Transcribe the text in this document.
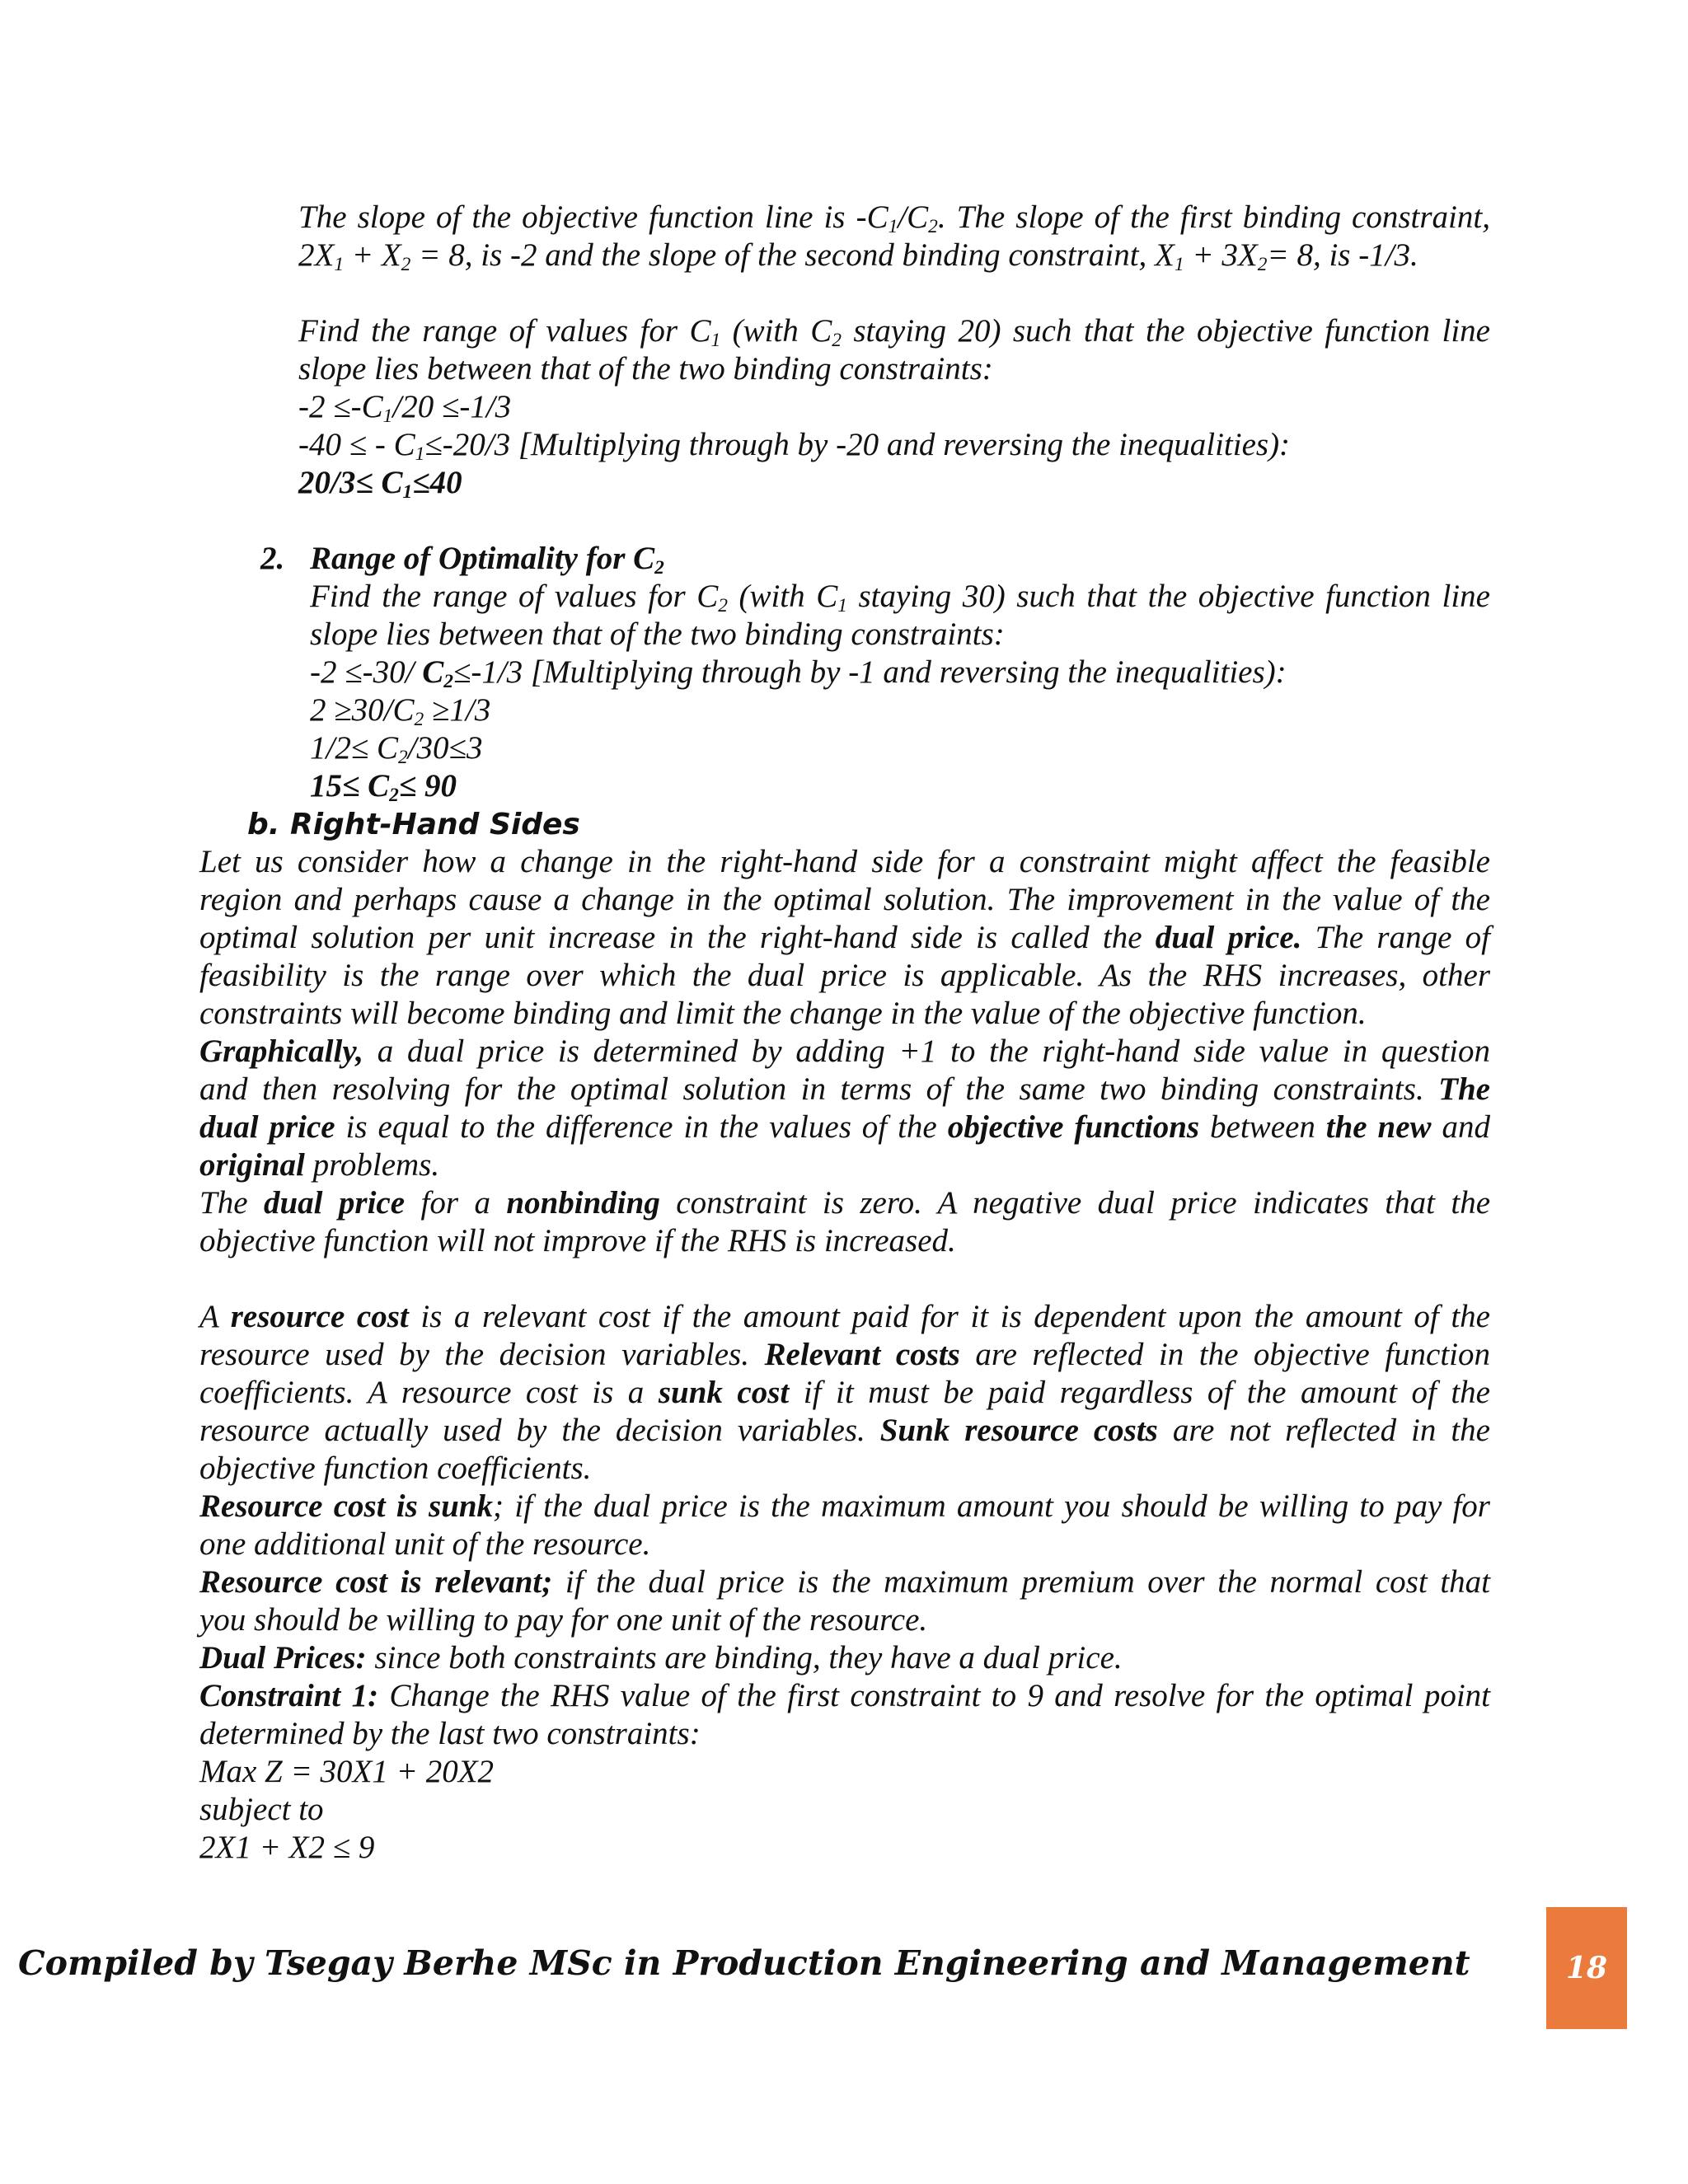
The slope of the objective function line is $-C_1/C_2$. The slope of the first binding constraint,
$2X_1 + X_2 = 8$, is -2 and the slope of the second binding constraint, $X_1 + 3X_2= 8$, is -1/3.
Find the range of values for $C_1$ (with $C_2$ staying 20) such that the objective function line
slope lies between that of the two binding constraints:
$-2 \le-C_1/20 \le-1/3$
-40 ≤ - $C_1\le-20/3$ [Multiplying through by -20 and reversing the inequalities):
$20/3\le C_1\le 40$
2. Range of Optimality for $C_2$
Find the range of values for $C_2$ (with $C_1$ staying 30) such that the objective function line
slope lies between that of the two binding constraints:
-2 ≤-30/ $C_2\le-1/3$ [Multiplying through by -1 and reversing the inequalities):
$2 \ge 30/C_2 \ge 1/3$
$1/2\le C_2/30\le 3$
$15\le C_2\le 90$
b. Right-Hand Sides
Let us consider how a change in the right-hand side for a constraint might affect the feasible
region and perhaps cause a change in the optimal solution. The improvement in the value of the
optimal solution per unit increase in the right-hand side is called the dual price. The range of
feasibility is the range over which the dual price is applicable. As the RHS increases, other
constraints will become binding and limit the change in the value of the objective function.
Graphically, a dual price is determined by adding +1 to the right-hand side value in question
and then resolving for the optimal solution in terms of the same two binding constraints. The
dual price is equal to the difference in the values of the objective functions between the new and
original problems.
The dual price for a nonbinding constraint is zero. A negative dual price indicates that the
objective function will not improve if the RHS is increased.
A resource cost is a relevant cost if the amount paid for it is dependent upon the amount of the
resource used by the decision variables. Relevant costs are reflected in the objective function
coefficients. A resource cost is a sunk cost if it must be paid regardless of the amount of the
resource actually used by the decision variables. Sunk resource costs are not reflected in the
objective function coefficients.
Resource cost is sunk; if the dual price is the maximum amount you should be willing to pay for
one additional unit of the resource.
Resource cost is relevant; if the dual price is the maximum premium over the normal cost that
you should be willing to pay for one unit of the resource.
Dual Prices: since both constraints are binding, they have a dual price.
Constraint 1: Change the RHS value of the first constraint to 9 and resolve for the optimal point
determined by the last two constraints:
Max Z = 30X1 + 20X2
subject to
2X1 + X2 ≤ 9
Compiled by Tsegay Berhe MSc in Production Engineering and Management	18
